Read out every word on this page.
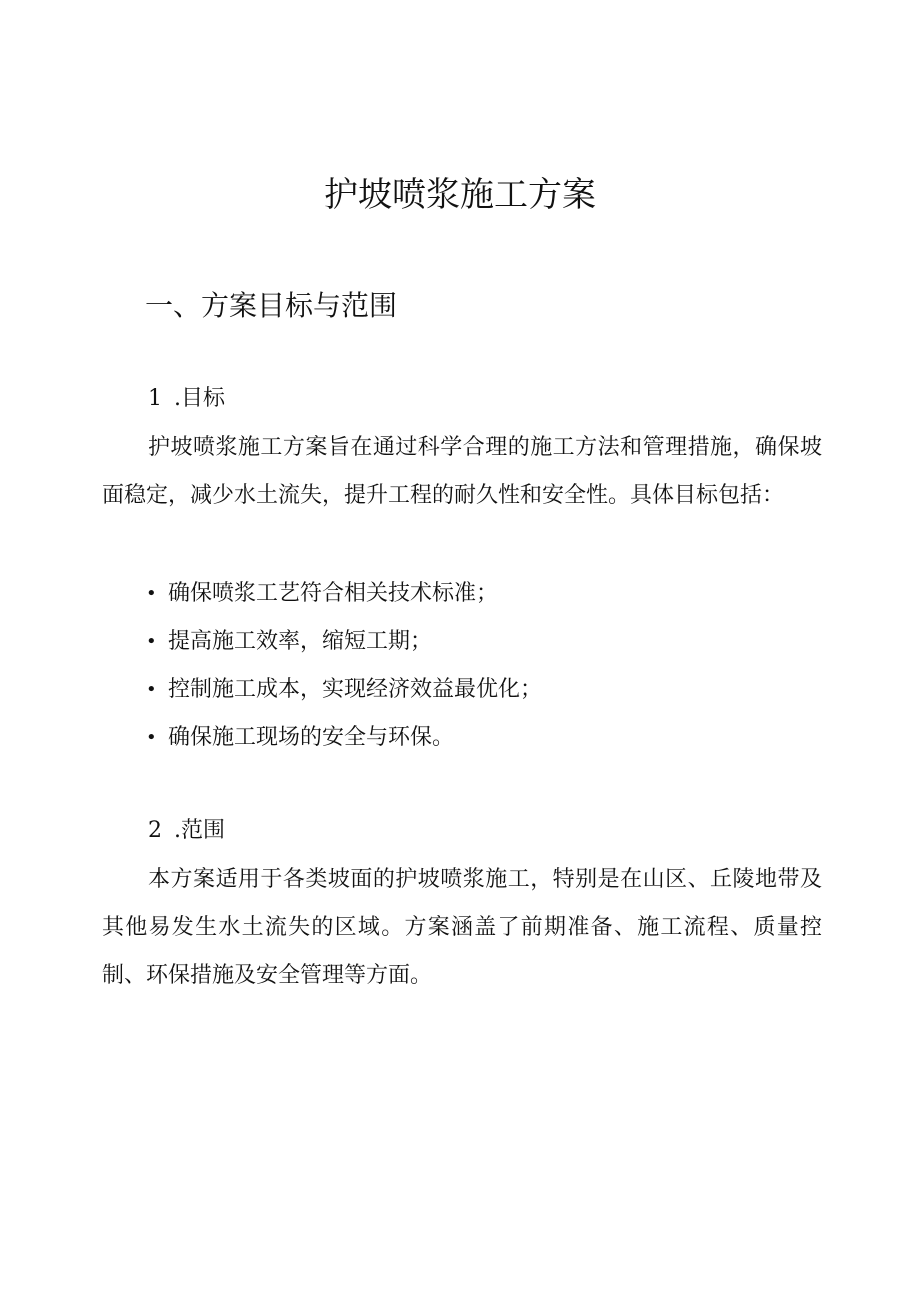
护坡喷浆施工方案
一、方案目标与范围
1 .目标

护坡喷浆施工方案旨在通过科学合理的施工方法和管理措施，确保坡面稳定，减少水土流失，提升工程的耐久性和安全性。具体目标包括：

• 确保喷浆工艺符合相关技术标准；
• 提高施工效率，缩短工期；
• 控制施工成本，实现经济效益最优化；
• 确保施工现场的安全与环保。
2 .范围

本方案适用于各类坡面的护坡喷浆施工，特别是在山区、丘陵地带及其他易发生水土流失的区域。方案涵盖了前期准备、施工流程、质量控制、环保措施及安全管理等方面。
